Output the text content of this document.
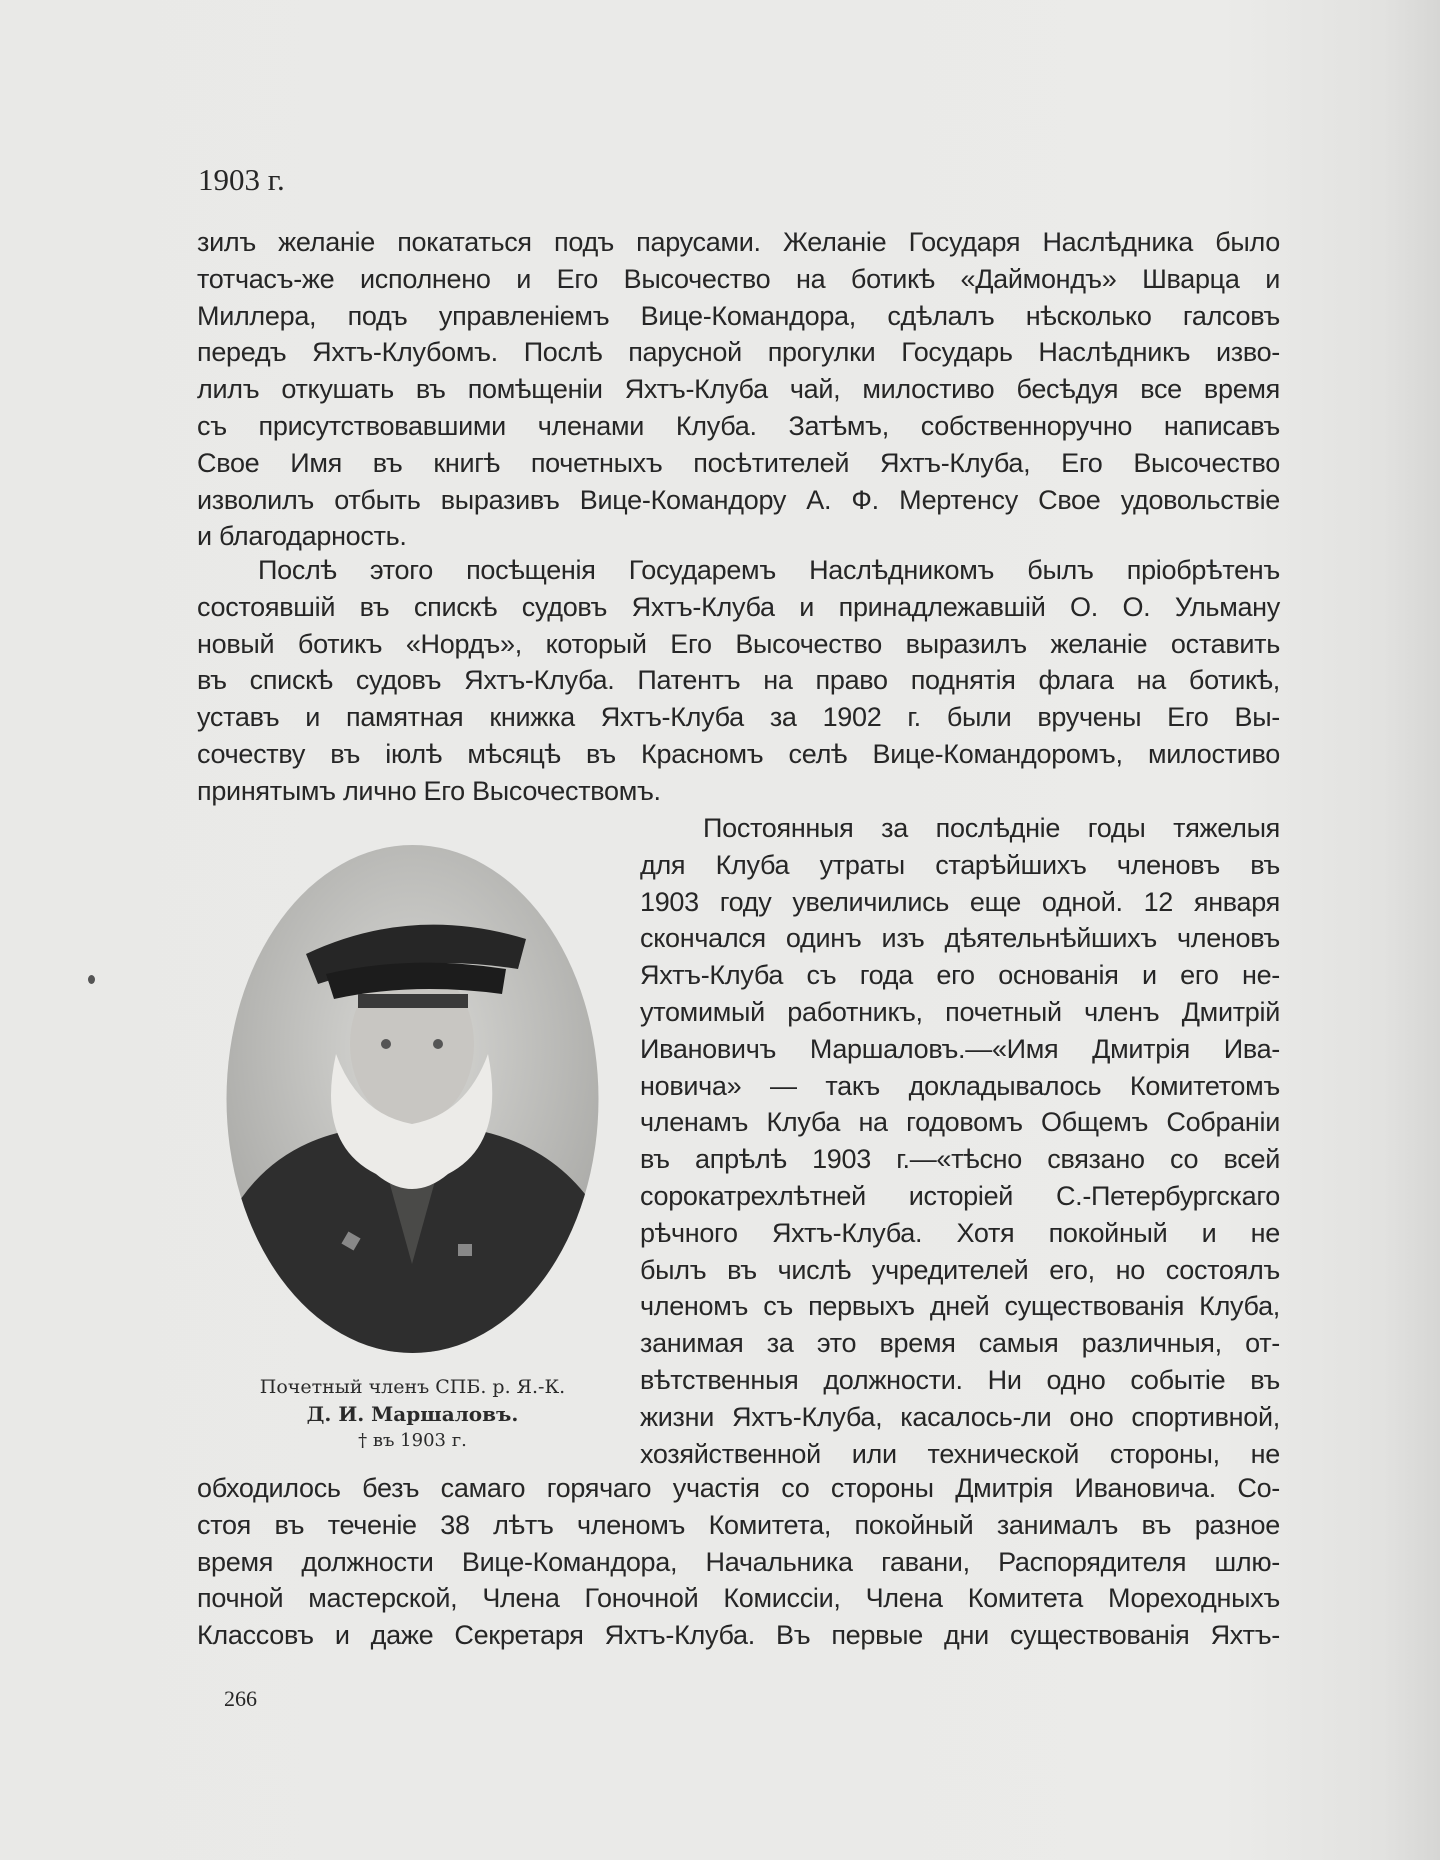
1903 г.
зилъ желаніе покататься подъ парусами. Желаніе Государя Наслѣдника было
тотчасъ-же исполнено и Его Высочество на ботикѣ «Даймондъ» Шварца и
Миллера, подъ управленіемъ Вице-Командора, сдѣлалъ нѣсколько галсовъ
передъ Яхтъ-Клубомъ. Послѣ парусной прогулки Государь Наслѣдникъ изво-
лилъ откушать въ помѣщеніи Яхтъ-Клуба чай, милостиво бесѣдуя все время
съ присутствовавшими членами Клуба. Затѣмъ, собственноручно написавъ
Свое Имя въ книгѣ почетныхъ посѣтителей Яхтъ-Клуба, Его Высочество
изволилъ отбыть выразивъ Вице-Командору А. Ф. Мертенсу Свое удовольствіе
и благодарность.
Послѣ этого посѣщенія Государемъ Наслѣдникомъ былъ пріобрѣтенъ
состоявшій въ спискѣ судовъ Яхтъ-Клуба и принадлежавшій О. О. Ульману
новый ботикъ «Нордъ», который Его Высочество выразилъ желаніе оставить
въ спискѣ судовъ Яхтъ-Клуба. Патентъ на право поднятія флага на ботикѣ,
уставъ и памятная книжка Яхтъ-Клуба за 1902 г. были вручены Его Вы-
сочеству въ іюлѣ мѣсяцѣ въ Красномъ селѣ Вице-Командоромъ, милостиво
принятымъ лично Его Высочествомъ.
Постоянныя за послѣдніе годы тяжелыя
для Клуба утраты старѣйшихъ членовъ въ
1903 году увеличились еще одной. 12 января
скончался одинъ изъ дѣятельнѣйшихъ членовъ
Яхтъ-Клуба съ года его основанія и его не-
утомимый работникъ, почетный членъ Дмитрій
Ивановичъ Маршаловъ.—«Имя Дмитрія Ива-
новича» — такъ докладывалось Комитетомъ
членамъ Клуба на годовомъ Общемъ Собраніи
въ апрѣлѣ 1903 г.—«тѣсно связано со всей
сорокатрехлѣтней исторіей С.-Петербургскаго
рѣчного Яхтъ-Клуба. Хотя покойный и не
былъ въ числѣ учредителей его, но состоялъ
членомъ съ первыхъ дней существованія Клуба,
занимая за это время самыя различныя, от-
вѣтственныя должности. Ни одно событіе въ
жизни Яхтъ-Клуба, касалось-ли оно спортивной,
хозяйственной или технической стороны, не
обходилось безъ самаго горячаго участія со стороны Дмитрія Ивановича. Со-
стоя въ теченіе 38 лѣтъ членомъ Комитета, покойный занималъ въ разное
время должности Вице-Командора, Начальника гавани, Распорядителя шлю-
почной мастерской, Члена Гоночной Комиссіи, Члена Комитета Мореходныхъ
Классовъ и даже Секретаря Яхтъ-Клуба. Въ первые дни существованія Яхтъ-
Почетный членъ СПБ. р. Я.-К.
Д. И. Маршаловъ.
† въ 1903 г.
266
